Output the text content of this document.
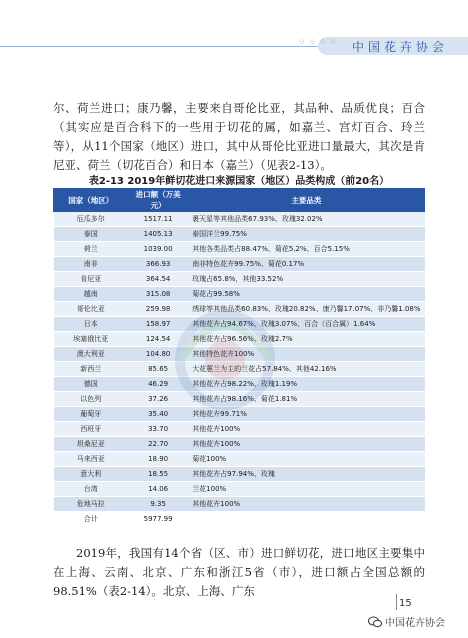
⁘ ⁘ ⁘ ⁘ 中国花卉协会

尔、荷兰进口；康乃馨，主要来自哥伦比亚，其品种、品质优良；百合（其实应是百合科下的一些用于切花的属，如嘉兰、宫灯百合、玲兰等），从11个国家（地区）进口，其中从哥伦比亚进口量最大，其次是肯尼亚、荷兰（切花百合）和日本（嘉兰）（见表2-13）。

表2-13 2019年鲜切花进口来源国家（地区）品类构成（前20名）
国家（地区）	进口额（万美元）	主要品类
厄瓜多尔	1517.11	裹天星等其他品类67.93%、玫瑰32.02%
泰国	1405.13	泰国洋兰99.75%
荷兰	1039.00	其他各类品类占88.47%、菊花5.2%、百合5.15%
南非	366.93	南非特色花卉99.75%、菊花0.17%
肯尼亚	364.54	玫瑰占65.8%，其他33.52%
越南	315.08	菊花占99.58%
哥伦比亚	259.98	绣球等其他品类60.83%、玫瑰20.82%、康乃馨17.07%、非乃馨1.08%
日本	158.97	其他花卉占94.67%、玫瑰3.07%、百合（百合属）1.64%
埃塞俄比亚	124.54	其他花卉占96.56%、玫瑰2.7%
澳大利亚	104.80	其他特色花卉100%
新西兰	85.65	大花蕙兰为主的兰花占57.84%、其他42.16%
德国	46.29	其他花卉占98.22%、玫瑰1.19%
以色列	37.26	其他花卉占98.16%、菊花1.81%
葡萄牙	35.40	其他花卉99.71%
西班牙	33.70	其他花卉100%
坦桑尼亚	22.70	其他花卉100%
马来西亚	18.90	菊花100%
意大利	18.55	其他花卉占97.94%、玫瑰
台湾	14.06	兰花100%
危地马拉	9.35	其他花卉100%
合计	5977.99	

2019年，我国有14个省（区、市）进口鲜切花，进口地区主要集中在上海、云南、北京、广东和浙江5省（市），进口额占全国总额的98.51%（表2-14）。北京、上海、广东

15
中国花卉协会
